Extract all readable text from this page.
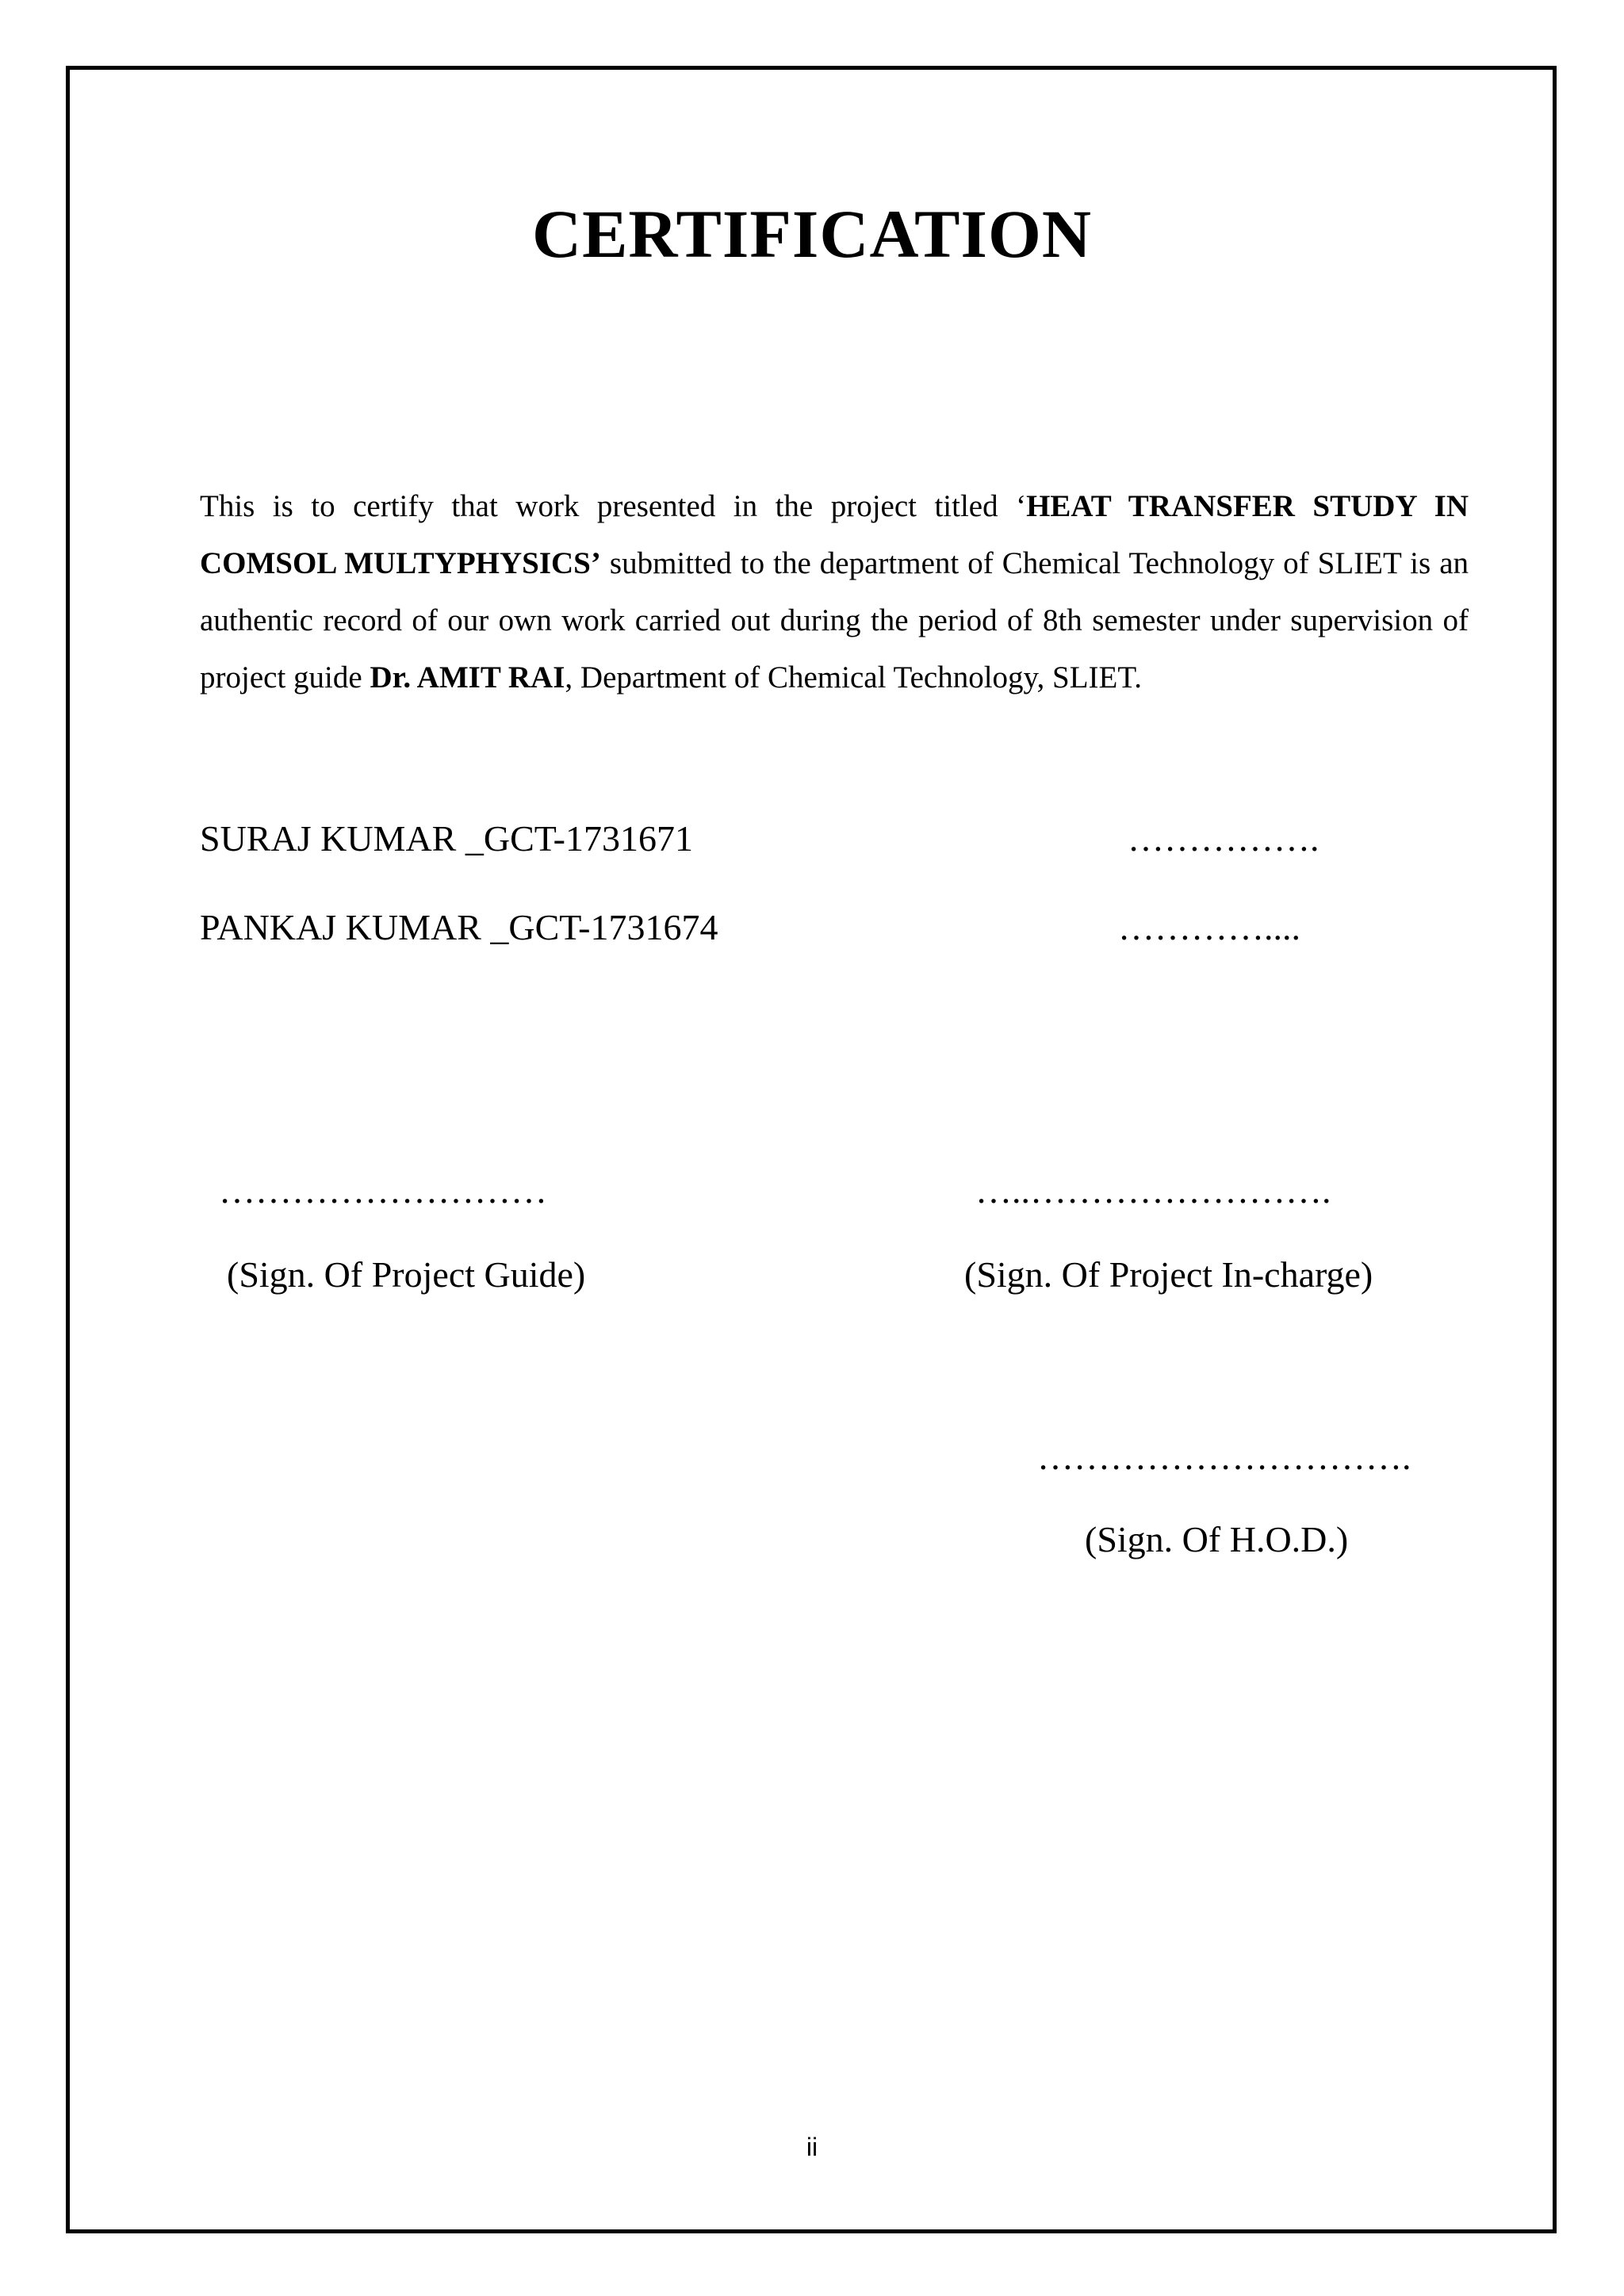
CERTIFICATION

This is to certify that work presented in the project titled ‘HEAT TRANSFER STUDY IN COMSOL MULTYPHYSICS’ submitted to the department of Chemical Technology of SLIET is an authentic record of our own work carried out during the period of 8th semester under supervision of project guide Dr. AMIT RAI, Department of Chemical Technology, SLIET.

SURAJ KUMAR _GCT-1731671	…………….
PANKAJ KUMAR _GCT-1731674	…………....
………………………
(Sign. Of Project Guide)
…..…………………….
(Sign. Of Project In-charge)
………………………….
(Sign. Of H.O.D.)
ii
